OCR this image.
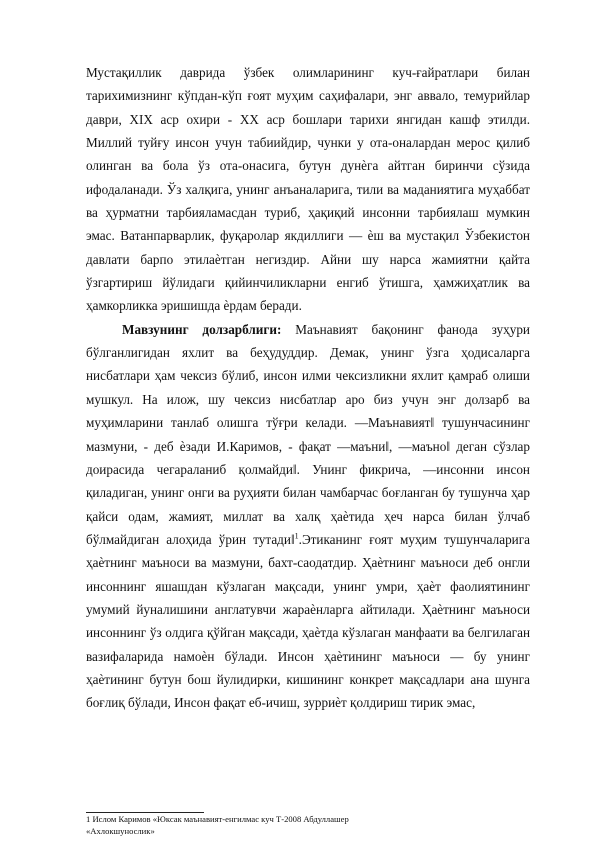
Мустақиллик даврида ўзбек олимларининг куч-ғайратлари билан тарихимизнинг кўпдан-кўп ғоят муҳим саҳифалари, энг аввало, темурийлар даври, XIX аср охири - XX аср бошлари тарихи янгидан кашф этилди. Миллий туйғу инсон учун табиийдир, чунки у ота-оналардан мерос қилиб олинган ва бола ўз ота-онасига, бутун дунѐга айтган биринчи сўзида ифодаланади. Ўз халқига, унинг анъаналарига, тили ва маданиятига муҳаббат ва ҳурматни тарбияламасдан туриб, ҳақиқий инсонни тарбиялаш мумкин эмас. Ватанпарварлик, фуқаролар якдиллиги — ѐш ва мустақил Ўзбекистон давлати барпо этилаѐтган негиздир. Айни шу нарса жамиятни қайта ўзгартириш йўлидаги қийинчиликларни енгиб ўтишга, ҳамжиҳатлик ва ҳамкорликка эришишда ѐрдам беради.

Мавзунинг долзарблиги: Маънавият бақонинг фанода зуҳури бўлганлигидан яхлит ва беҳудуддир. Демак, унинг ўзга ҳодисаларга нисбатлари ҳам чексиз бўлиб, инсон илми чексизликни яхлит қамраб олиши мушкул. На илож, шу чексиз нисбатлар аро биз учун энг долзарб ва муҳимларини танлаб олишга тўғри келади. —Маънавият‖ тушунчасининг мазмуни, - деб ѐзади И.Каримов, - фақат —маъни‖, —маъно‖ деган сўзлар доирасида чегараланиб қолмайди‖. Унинг фикрича, —инсонни инсон қиладиган, унинг онги ва руҳияти билан чамбарчас боғланган бу тушунча ҳар қайси одам, жамият, миллат ва халқ ҳаѐтида ҳеч нарса билан ўлчаб бўлмайдиган алоҳида ўрин тутади‖$^1$.Этиканинг ғоят муҳим тушунчаларига ҳаѐтнинг маъноси ва мазмуни, бахт-саодатдир. Ҳаѐтнинг маъноси деб онгли инсоннинг яшашдан кўзлаган мақсади, унинг умри, ҳаѐт фаолиятининг умумий йуналишини англатувчи жараѐнларга айтилади. Ҳаѐтнинг маъноси инсоннинг ўз олдига қўйган мақсади, ҳаѐтда кўзлаган манфаати ва белгилаган вазифаларида намоѐн бўлади. Инсон ҳаѐтининг маъноси — бу унинг ҳаѐтининг бутун бош йулидирки, кишининг конкрет мақсадлари ана шунга боғлиқ бўлади, Инсон фақат еб-ичиш, зурриѐт қолдириш тирик эмас,

1 Ислом Каримов «Юксак маънавият-енгилмас куч Т-2008 Абдуллашер
«Ахлокшунослик»
